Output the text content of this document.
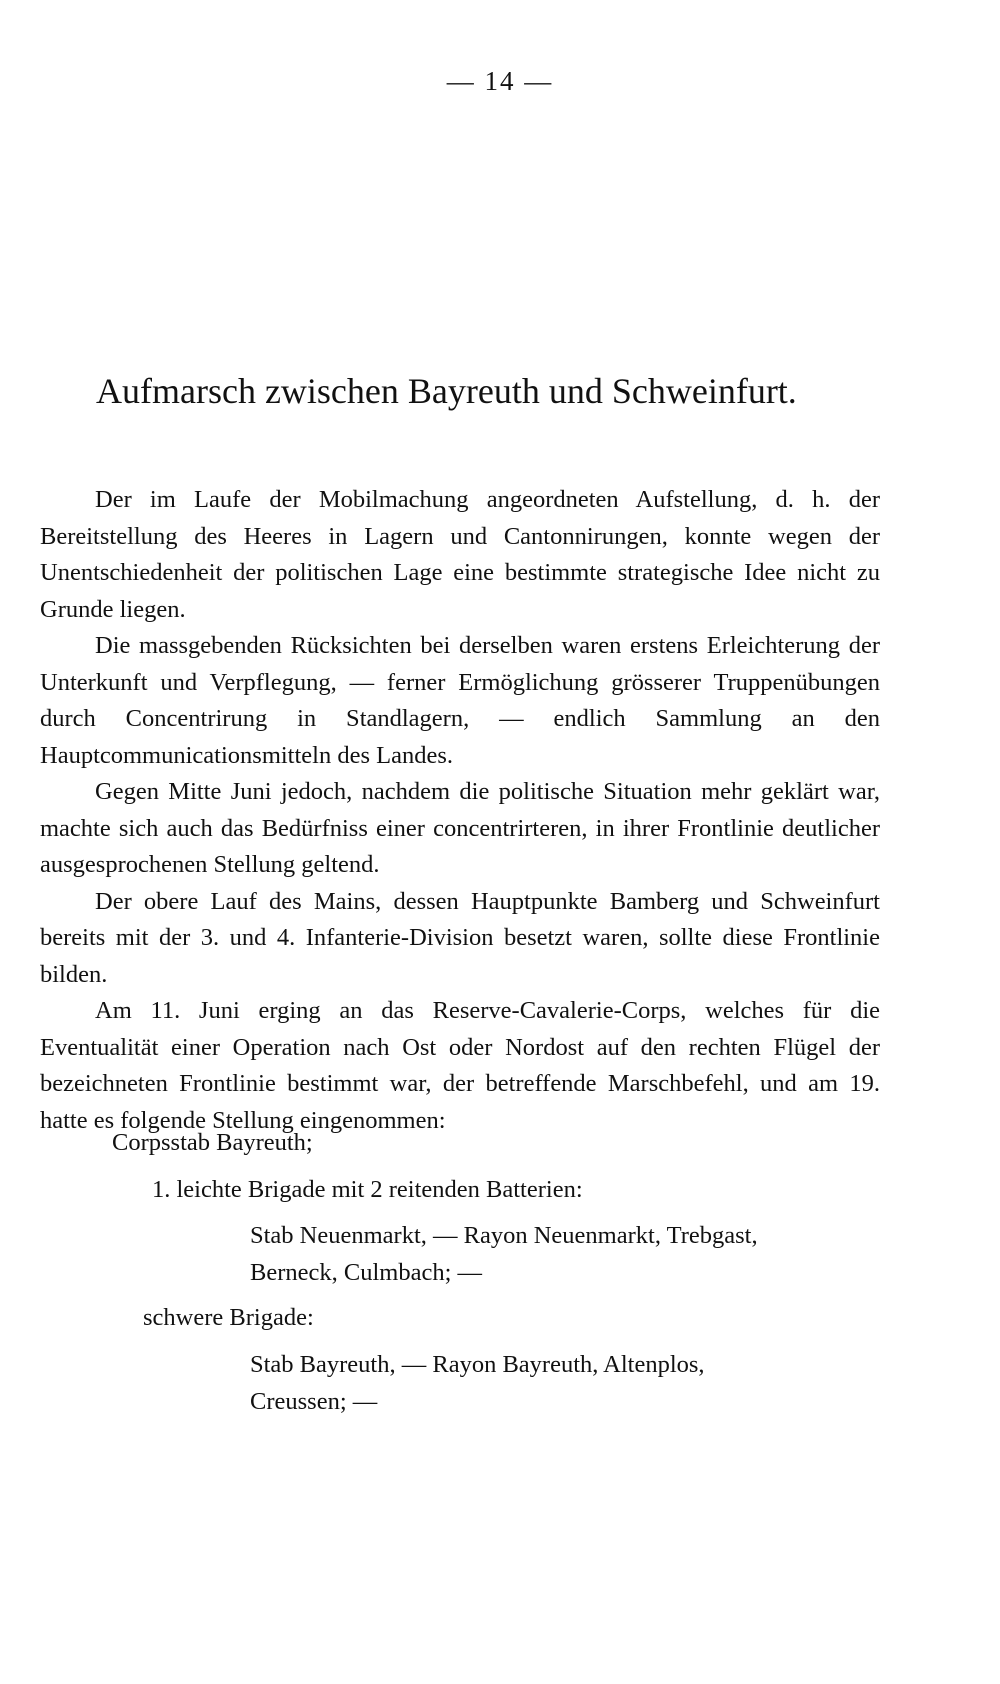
— 14 —
Aufmarsch zwischen Bayreuth und Schweinfurt.

Der im Laufe der Mobilmachung angeordneten Aufstellung, d. h. der Bereitstellung des Heeres in Lagern und Cantonnirungen, konnte wegen der Unentschiedenheit der politischen Lage eine bestimmte strategische Idee nicht zu Grunde liegen.

Die massgebenden Rücksichten bei derselben waren erstens Erleichterung der Unterkunft und Verpflegung, — ferner Ermöglichung grösserer Truppenübungen durch Concentrirung in Standlagern, — endlich Sammlung an den Hauptcommunicationsmitteln des Landes.

Gegen Mitte Juni jedoch, nachdem die politische Situation mehr geklärt war, machte sich auch das Bedürfniss einer concentrirteren, in ihrer Frontlinie deutlicher ausgesprochenen Stellung geltend.

Der obere Lauf des Mains, dessen Hauptpunkte Bamberg und Schweinfurt bereits mit der 3. und 4. Infanterie-Division besetzt waren, sollte diese Frontlinie bilden.

Am 11. Juni erging an das Reserve-Cavalerie-Corps, welches für die Eventualität einer Operation nach Ost oder Nordost auf den rechten Flügel der bezeichneten Frontlinie bestimmt war, der betreffende Marschbefehl, und am 19. hatte es folgende Stellung eingenommen:

Corpsstab Bayreuth;
1. leichte Brigade mit 2 reitenden Batterien:
Stab Neuenmarkt, — Rayon Neuenmarkt, Trebgast,
Berneck, Culmbach; —
schwere Brigade:
Stab Bayreuth, — Rayon Bayreuth, Altenplos,
Creussen; —
